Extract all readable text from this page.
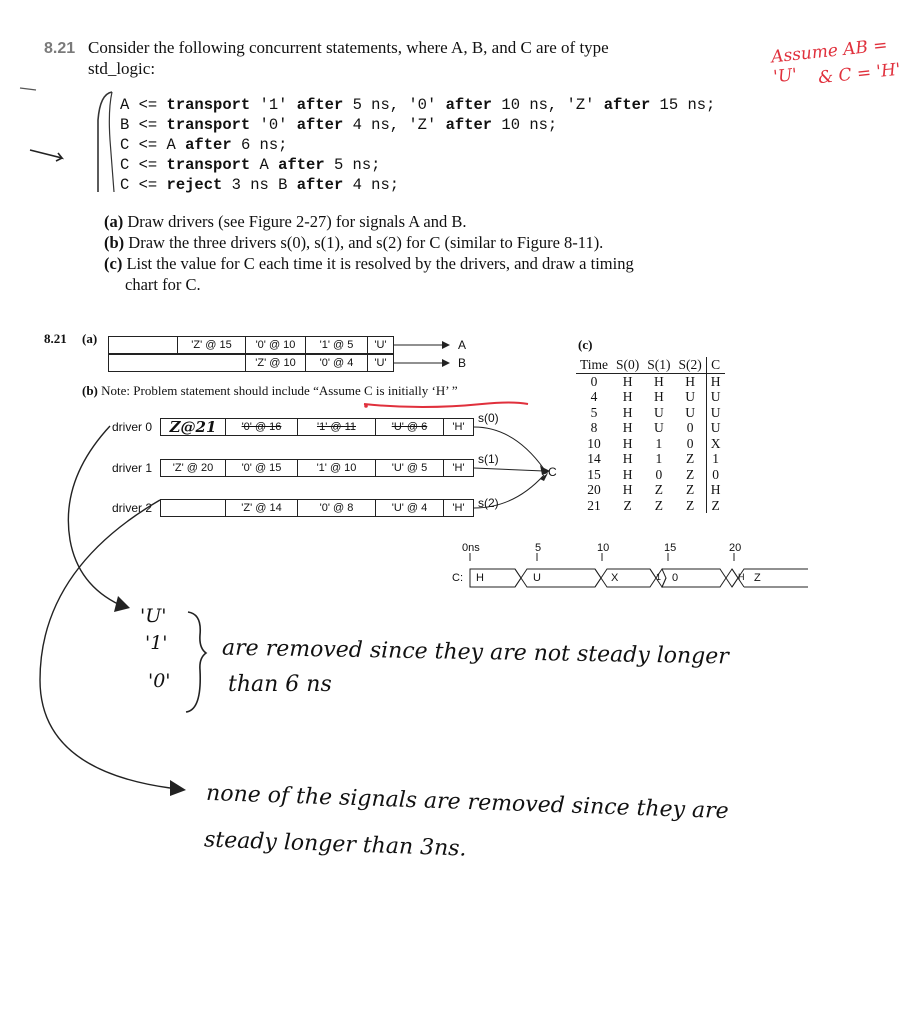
8.21 Consider the following concurrent statements, where A, B, and C are of type
std_logic:
A <= transport '1' after 5 ns, '0' after 10 ns, 'Z' after 15 ns;
B <= transport '0' after 4 ns, 'Z' after 10 ns;
C <= A after 6 ns;
C <= transport A after 5 ns;
C <= reject 3 ns B after 4 ns;
(a) Draw drivers (see Figure 2-27) for signals A and B.
(b) Draw the three drivers s(0), s(1), and s(2) for C (similar to Figure 8-11).
(c) List the value for C each time it is resolved by the drivers, and draw a timing
chart for C.
Assume AB = 'U'	& C = 'H'
8.21 (a)	'Z' @ 15	'0' @ 10	'1' @ 5	'U'
'Z' @ 10	'0' @ 4	'U'
A
B
(b) Note: Problem statement should include “Assume C is initially ‘H’ ”
driver 0 Z@21	'0' @ 16	'1' @ 11	'U' @ 6	'H'
driver 1	'Z' @ 20	'0' @ 15	'1' @ 10	'U' @ 5	'H'
driver 2	'Z' @ 14	'0' @ 8	'U' @ 4	'H'
s(0)
s(1)
s(2)
C
(c)
Time	S(0)	S(1)	S(2)	C
0	H	H	H	H
4	H	H	U	U
5	H	U	U	U
8	H	U	0	U
10	H	1	0	X
14	H	1	Z	1
15	H	0	Z	0
20	H	Z	Z	H
21	Z	Z	Z	Z
0ns	5	10	15	20
C: H	U	X	1 0	H Z
'U'
'1'
'0'
are removed since they are not steady longer
than 6 ns
none of the signals are removed since they are
steady longer than 3ns.
